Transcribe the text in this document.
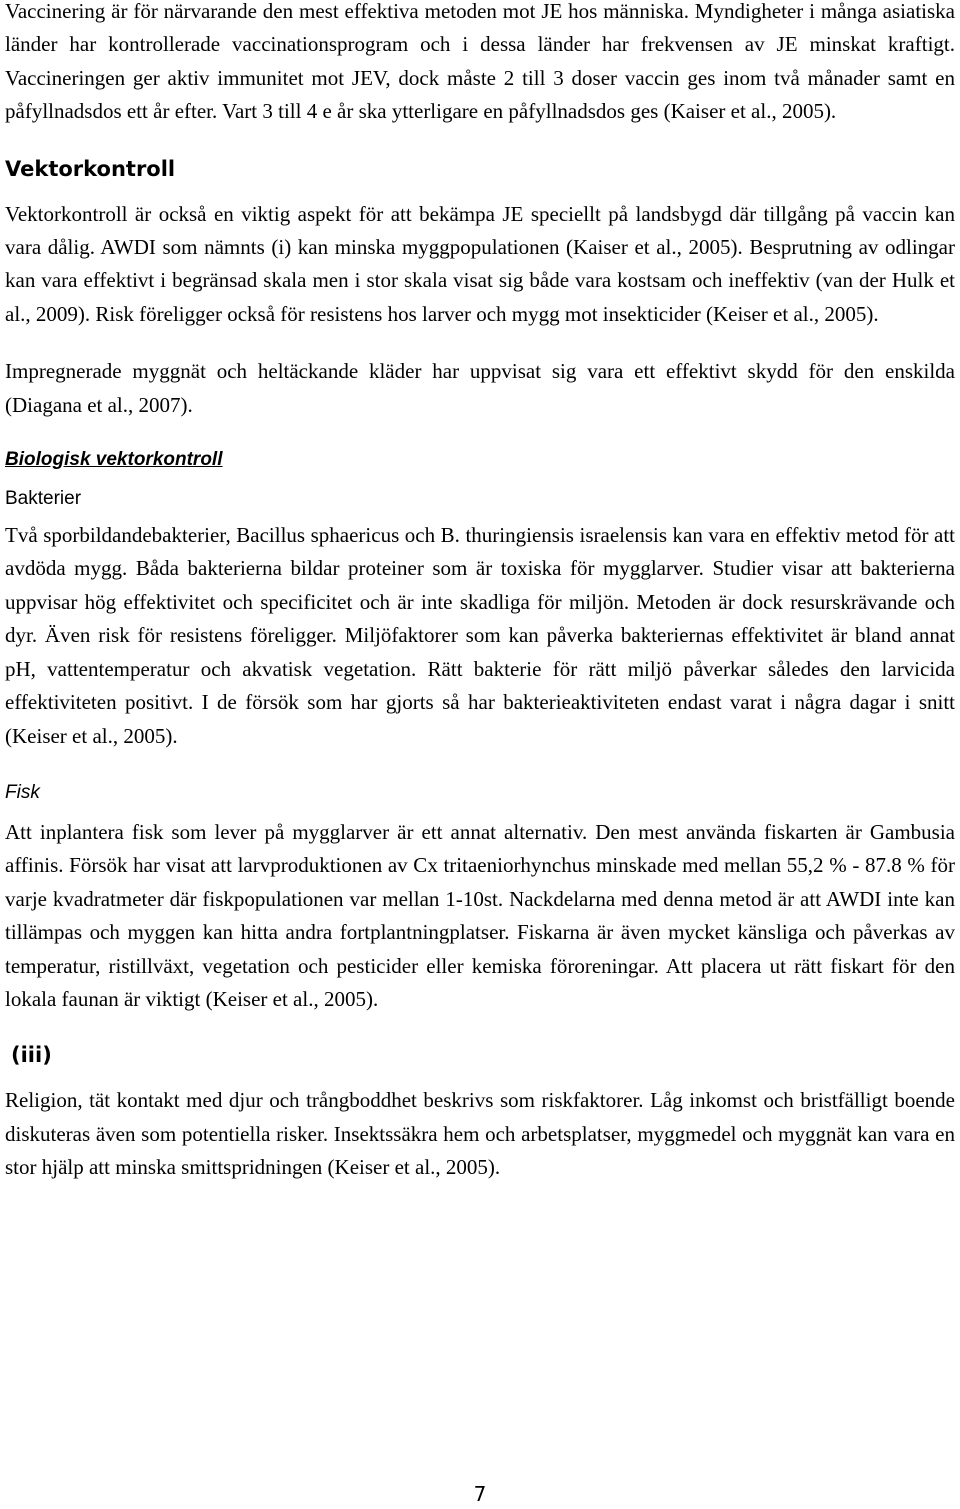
Vaccinering är för närvarande den mest effektiva metoden mot JE hos människa. Myndigheter i många asiatiska länder har kontrollerade vaccinationsprogram och i dessa länder har frekvensen av JE minskat kraftigt. Vaccineringen ger aktiv immunitet mot JEV, dock måste 2 till 3 doser vaccin ges inom två månader samt en påfyllnadsdos ett år efter. Vart 3 till 4 e år ska ytterligare en påfyllnadsdos ges (Kaiser et al., 2005).

Vektorkontroll

Vektorkontroll är också en viktig aspekt för att bekämpa JE speciellt på landsbygd där tillgång på vaccin kan vara dålig. AWDI som nämnts (i) kan minska myggpopulationen (Kaiser et al., 2005). Besprutning av odlingar kan vara effektivt i begränsad skala men i stor skala visat sig både vara kostsam och ineffektiv (van der Hulk et al., 2009). Risk föreligger också för resistens hos larver och mygg mot insekticider (Keiser et al., 2005).

Impregnerade myggnät och heltäckande kläder har uppvisat sig vara ett effektivt skydd för den enskilda (Diagana et al., 2007).

Biologisk vektorkontroll

Bakterier

Två sporbildandebakterier, Bacillus sphaericus och B. thuringiensis israelensis kan vara en effektiv metod för att avdöda mygg. Båda bakterierna bildar proteiner som är toxiska för mygglarver. Studier visar att bakterierna uppvisar hög effektivitet och specificitet och är inte skadliga för miljön. Metoden är dock resurskrävande och dyr. Även risk för resistens föreligger. Miljöfaktorer som kan påverka bakteriernas effektivitet är bland annat pH, vattentemperatur och akvatisk vegetation. Rätt bakterie för rätt miljö påverkar således den larvicida effektiviteten positivt. I de försök som har gjorts så har bakterieaktiviteten endast varat i några dagar i snitt (Keiser et al., 2005).

Fisk

Att inplantera fisk som lever på mygglarver är ett annat alternativ. Den mest använda fiskarten är Gambusia affinis. Försök har visat att larvproduktionen av Cx tritaeniorhynchus minskade med mellan 55,2 % - 87.8 % för varje kvadratmeter där fiskpopulationen var mellan 1-10st. Nackdelarna med denna metod är att AWDI inte kan tillämpas och myggen kan hitta andra fortplantningplatser. Fiskarna är även mycket känsliga och påverkas av temperatur, ristillväxt, vegetation och pesticider eller kemiska föroreningar. Att placera ut rätt fiskart för den lokala faunan är viktigt (Keiser et al., 2005).

(iii)

Religion, tät kontakt med djur och trångboddhet beskrivs som riskfaktorer. Låg inkomst och bristfälligt boende diskuteras även som potentiella risker. Insektssäkra hem och arbetsplatser, myggmedel och myggnät kan vara en stor hjälp att minska smittspridningen (Keiser et al., 2005).

7
